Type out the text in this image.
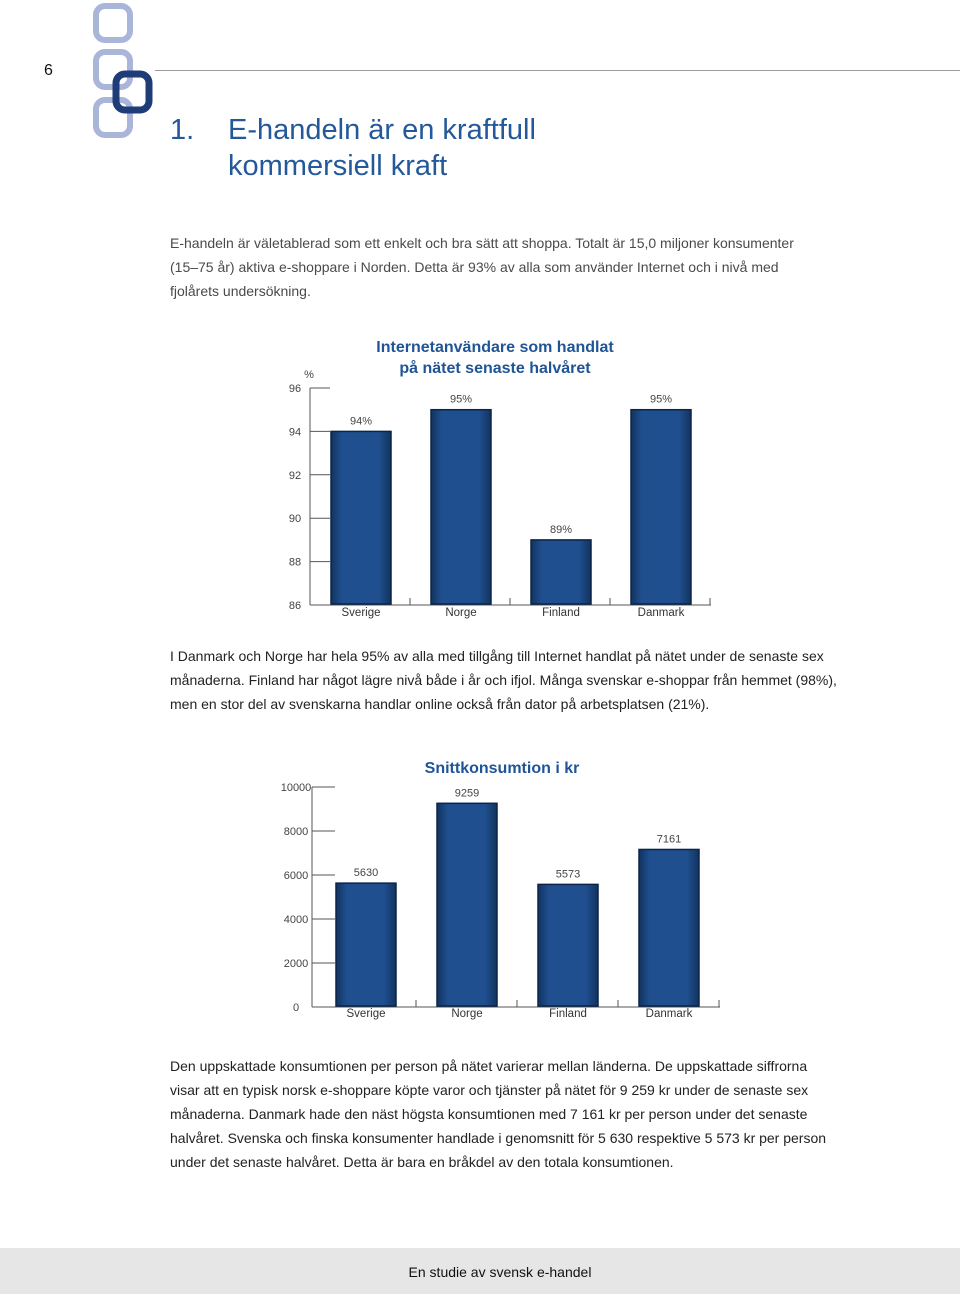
6
1. E-handeln är en kraftfull
kommersiell kraft
E-handeln är väletablerad som ett enkelt och bra sätt att shoppa. Totalt är 15,0 miljoner konsumenter
(15–75 år) aktiva e-shoppare i Norden. Detta är 93% av alla som använder Internet och i nivå med
fjolårets undersökning.
86
88
90
92
94
96
%
94%
Sverige
95%
Norge
89%
Finland
95%
Danmark
Internetanvändare som handlat
på nätet senaste halvåret
I Danmark och Norge har hela 95% av alla med tillgång till Internet handlat på nätet under de senaste sex
månaderna. Finland har något lägre nivå både i år och ifjol. Många svenskar e-shoppar från hemmet (98%),
men en stor del av svenskarna handlar online också från dator på arbetsplatsen (21%).
0
2000
4000
6000
8000
10000
5630
Sverige
9259
Norge
5573
Finland
7161
Danmark
Snittkonsumtion i kr
Den uppskattade konsumtionen per person på nätet varierar mellan länderna. De uppskattade siffrorna
visar att en typisk norsk e-shoppare köpte varor och tjänster på nätet för 9 259 kr under de senaste sex
månaderna. Danmark hade den näst högsta konsumtionen med 7 161 kr per person under det senaste
halvåret. Svenska och finska konsumenter handlade i genomsnitt för 5 630 respektive 5 573 kr per person
under det senaste halvåret. Detta är bara en bråkdel av den totala konsumtionen.
En studie av svensk e-handel
